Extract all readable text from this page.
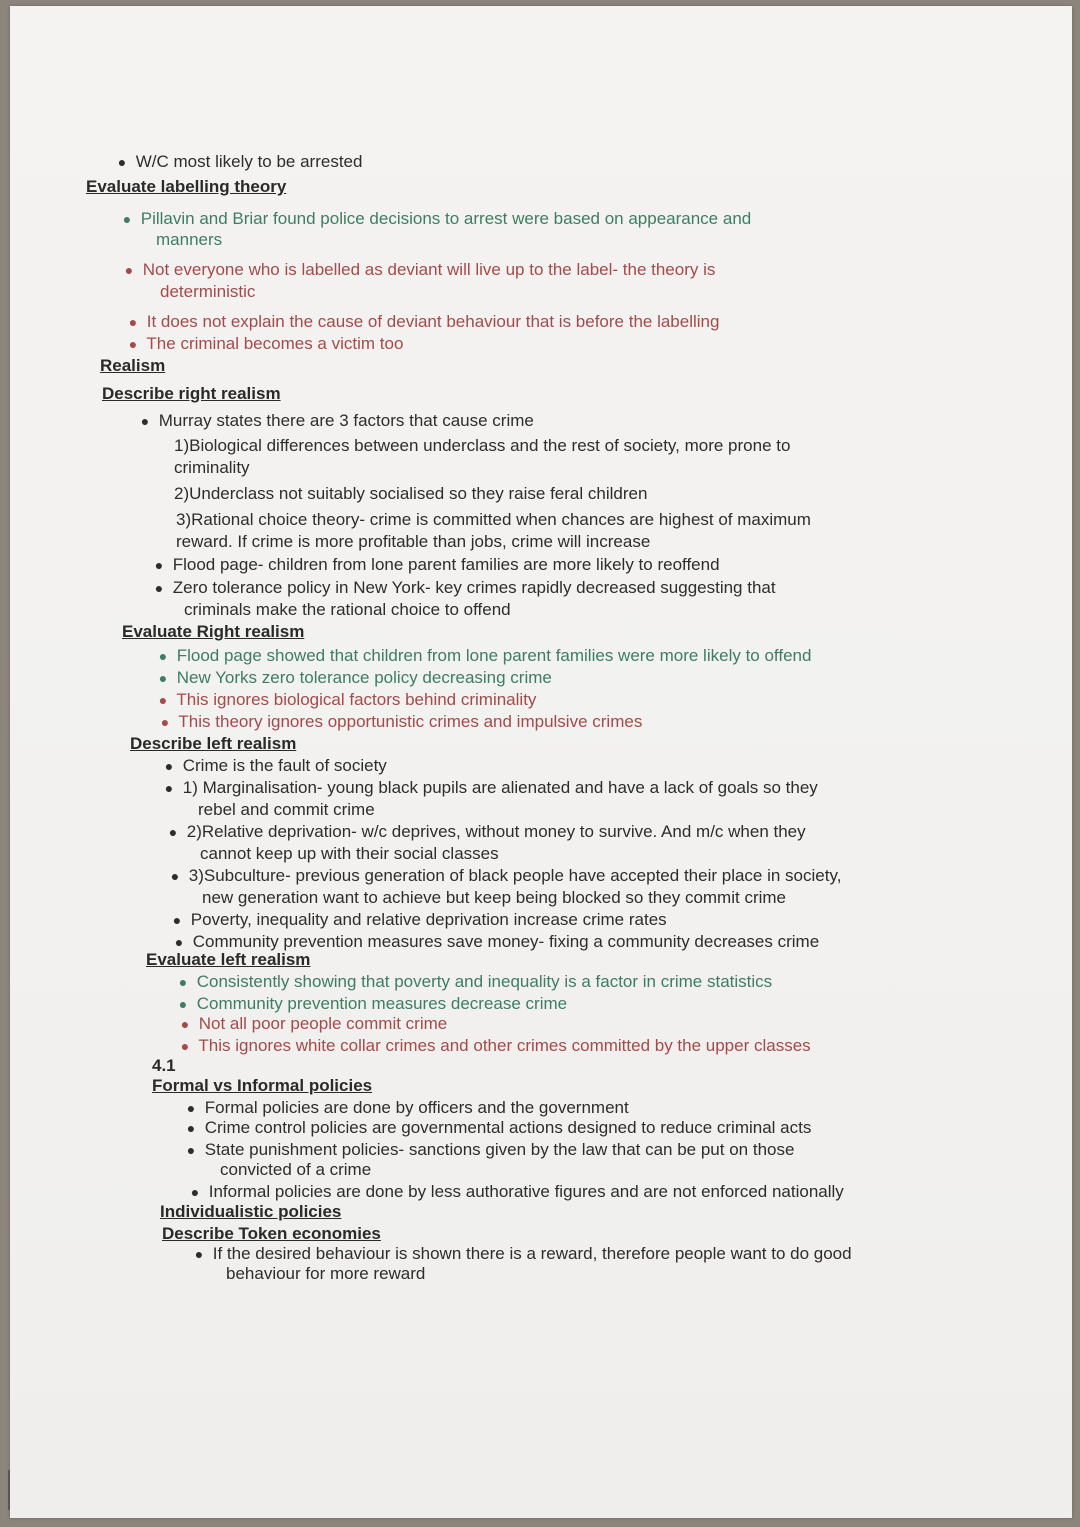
● W/C most likely to be arrested
Evaluate labelling theory
● Pillavin and Briar found police decisions to arrest were based on appearance and
manners
● Not everyone who is labelled as deviant will live up to the label- the theory is
deterministic
● It does not explain the cause of deviant behaviour that is before the labelling
● The criminal becomes a victim too
Realism
Describe right realism
● Murray states there are 3 factors that cause crime
1)Biological differences between underclass and the rest of society, more prone to
criminality
2)Underclass not suitably socialised so they raise feral children
3)Rational choice theory- crime is committed when chances are highest of maximum
reward. If crime is more profitable than jobs, crime will increase
● Flood page- children from lone parent families are more likely to reoffend
● Zero tolerance policy in New York- key crimes rapidly decreased suggesting that
criminals make the rational choice to offend
Evaluate Right realism
● Flood page showed that children from lone parent families were more likely to offend
● New Yorks zero tolerance policy decreasing crime
● This ignores biological factors behind criminality
● This theory ignores opportunistic crimes and impulsive crimes
Describe left realism
● Crime is the fault of society
● 1) Marginalisation- young black pupils are alienated and have a lack of goals so they
rebel and commit crime
● 2)Relative deprivation- w/c deprives, without money to survive. And m/c when they
cannot keep up with their social classes
● 3)Subculture- previous generation of black people have accepted their place in society,
new generation want to achieve but keep being blocked so they commit crime
● Poverty, inequality and relative deprivation increase crime rates
● Community prevention measures save money- fixing a community decreases crime
Evaluate left realism
● Consistently showing that poverty and inequality is a factor in crime statistics
● Community prevention measures decrease crime
● Not all poor people commit crime
● This ignores white collar crimes and other crimes committed by the upper classes
4.1
Formal vs Informal policies
● Formal policies are done by officers and the government
● Crime control policies are governmental actions designed to reduce criminal acts
● State punishment policies- sanctions given by the law that can be put on those
convicted of a crime
● Informal policies are done by less authorative figures and are not enforced nationally
Individualistic policies
Describe Token economies
● If the desired behaviour is shown there is a reward, therefore people want to do good
behaviour for more reward
